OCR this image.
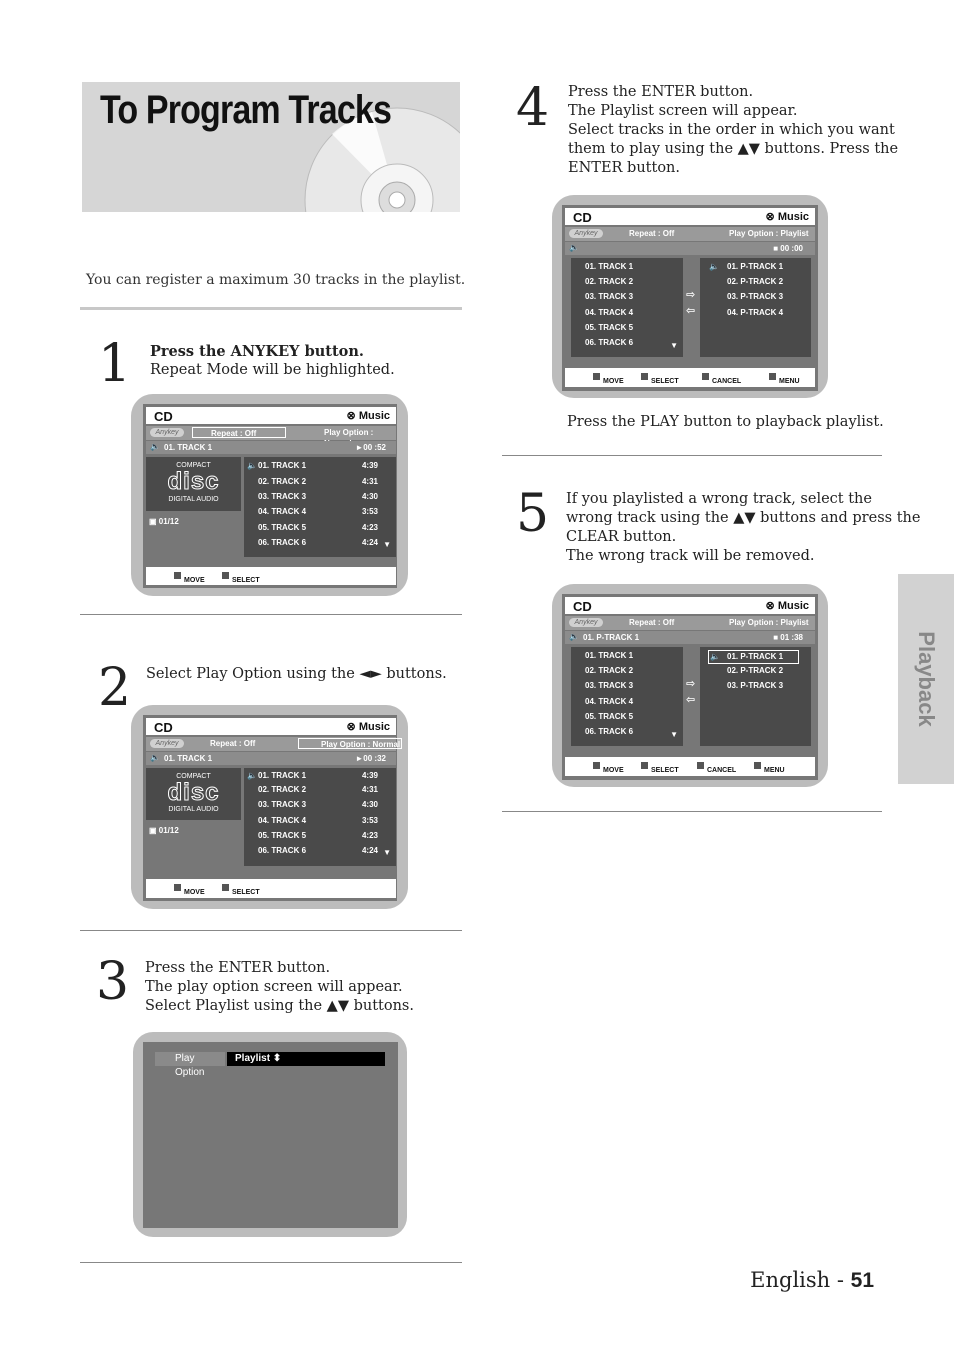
To Program Tracks
You can register a maximum 30 tracks in the playlist.
1 Press the ANYKEY button.
Repeat Mode will be highlighted.
CD	⊗ Music
Anykey	Repeat : Off	Play Option :
🔈 01. TRACK 1	►00 :52
COMPACT
disc
DIGITAL AUDIO
▣ 01/12
🔈 01. TRACK 1	4:39
02. TRACK 2	4:31
03. TRACK 3	4:30
04. TRACK 4	3:53
05. TRACK 5	4:23
06. TRACK 6	4:24 ▼
MOVE	SELECT
2 Select Play Option using the ◄► buttons.
CD	⊗ Music
Anykey	Repeat : Off	Play Option : Normal
🔈 01. TRACK 1	►00 :32
COMPACT
disc
DIGITAL AUDIO
▣ 01/12
🔈 01. TRACK 1	4:39
02. TRACK 2	4:31
03. TRACK 3	4:30
04. TRACK 4	3:53
05. TRACK 5	4:23
06. TRACK 6	4:24 ▼
MOVE	SELECT
3 Press the ENTER button.
The play option screen will appear.
Select Playlist using the ▲▼ buttons.
Play Option
Playlist ⬍
4 Press the ENTER button.
The Playlist screen will appear.
Select tracks in the order in which you want
them to play using the ▲▼ buttons. Press the
ENTER button.
CD	⊗ Music
Anykey	Repeat : Off	Play Option : Playlist
🔈	■ 00 :00
01. TRACK 1
02. TRACK 2
03. TRACK 3
04. TRACK 4
05. TRACK 5
06. TRACK 6	▼
⇨
⇦
🔈 01. P-TRACK 1
02. P-TRACK 2
03. P-TRACK 3
04. P-TRACK 4
MOVE	SELECT	CANCEL	MENU
Press the PLAY button to playback playlist.
5 If you playlisted a wrong track, select the
wrong track using the ▲▼ buttons and press the
CLEAR button.
The wrong track will be removed.
CD	⊗ Music
Anykey	Repeat : Off	Play Option : Playlist
🔈 01. P-TRACK 1	■ 01 :38
01. TRACK 1
02. TRACK 2
03. TRACK 3
04. TRACK 4
05. TRACK 5
06. TRACK 6	▼
⇨
⇦
🔈 01. P-TRACK 1
02. P-TRACK 2
03. P-TRACK 3
MOVE	SELECT	CANCEL	MENU
Playback
English - 51
